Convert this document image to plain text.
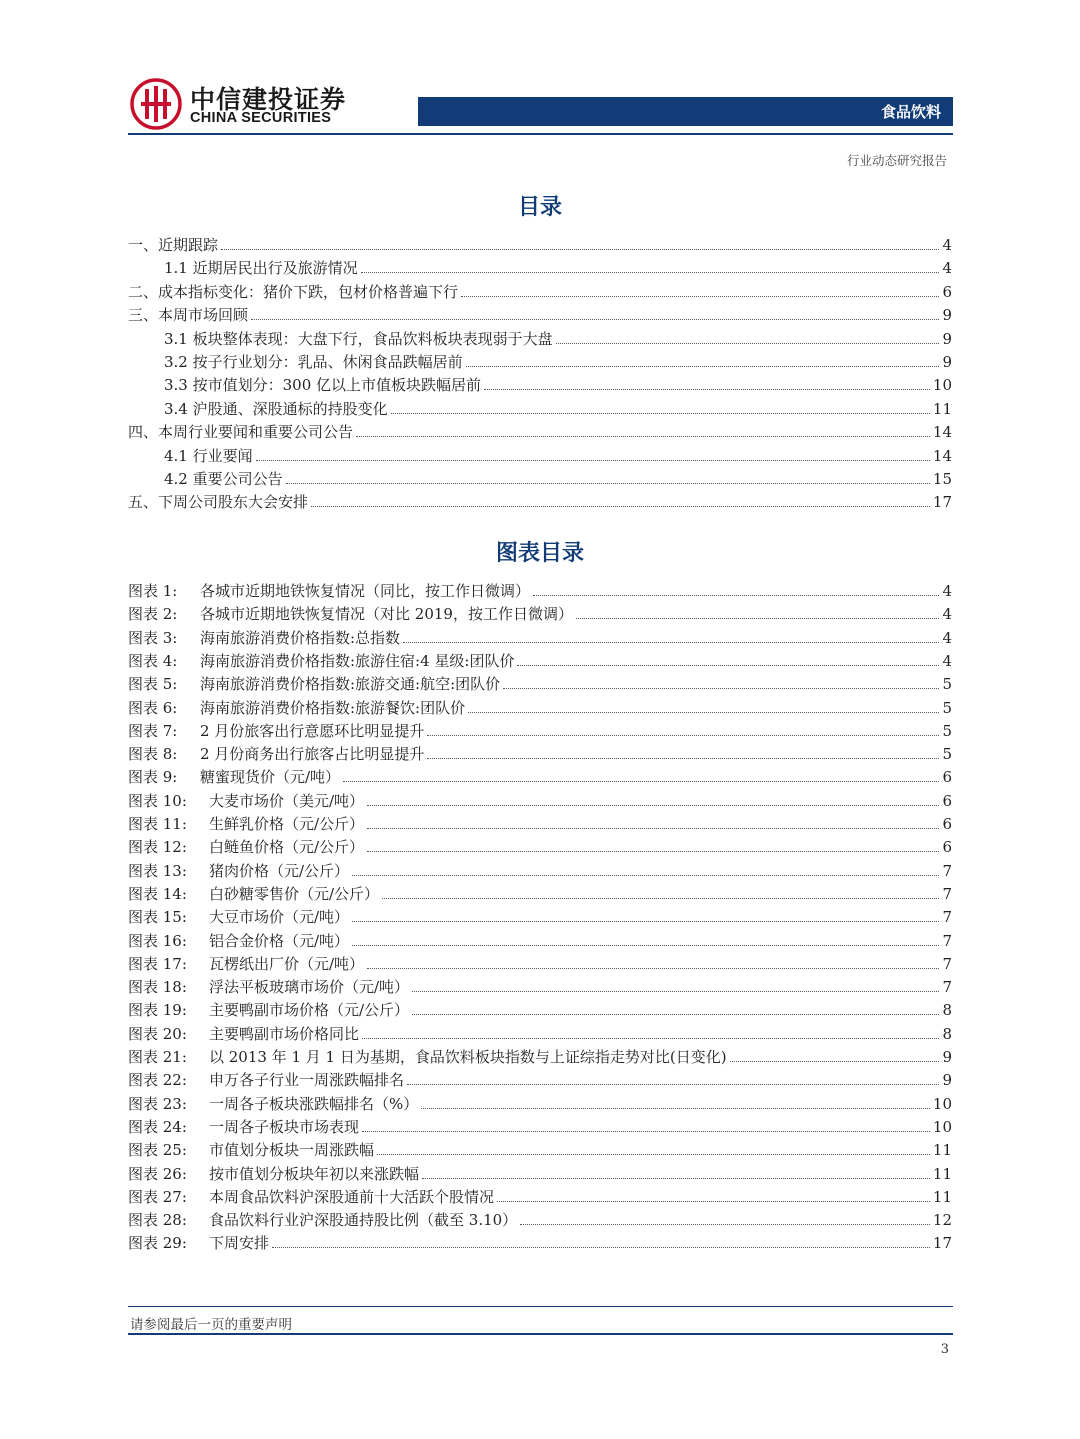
中信建投证券
CHINA SECURITIES	食品饮料
行业动态研究报告
目录
一、近期跟踪	4
1.1 近期居民出行及旅游情况	4
二、成本指标变化：猪价下跌，包材价格普遍下行	6
三、本周市场回顾	9
3.1 板块整体表现：大盘下行，食品饮料板块表现弱于大盘	9
3.2 按子行业划分：乳品、休闲食品跌幅居前	9
3.3 按市值划分：300 亿以上市值板块跌幅居前	10
3.4 沪股通、深股通标的持股变化	11
四、本周行业要闻和重要公司公告	14
4.1 行业要闻	14
4.2 重要公司公告	15
五、下周公司股东大会安排	17
图表目录
图表 1: 各城市近期地铁恢复情况（同比，按工作日微调）	4
图表 2: 各城市近期地铁恢复情况（对比 2019，按工作日微调）	4
图表 3: 海南旅游消费价格指数:总指数	4
图表 4: 海南旅游消费价格指数:旅游住宿:4 星级:团队价	4
图表 5: 海南旅游消费价格指数:旅游交通:航空:团队价	5
图表 6: 海南旅游消费价格指数:旅游餐饮:团队价	5
图表 7: 2 月份旅客出行意愿环比明显提升	5
图表 8: 2 月份商务出行旅客占比明显提升	5
图表 9: 糖蜜现货价（元/吨）	6
图表 10: 大麦市场价（美元/吨）	6
图表 11: 生鲜乳价格（元/公斤）	6
图表 12: 白鲢鱼价格（元/公斤）	6
图表 13: 猪肉价格（元/公斤）	7
图表 14: 白砂糖零售价（元/公斤）	7
图表 15: 大豆市场价（元/吨）	7
图表 16: 铝合金价格（元/吨）	7
图表 17: 瓦楞纸出厂价（元/吨）	7
图表 18: 浮法平板玻璃市场价（元/吨）	7
图表 19: 主要鸭副市场价格（元/公斤）	8
图表 20: 主要鸭副市场价格同比	8
图表 21: 以 2013 年 1 月 1 日为基期，食品饮料板块指数与上证综指走势对比(日变化)	9
图表 22: 申万各子行业一周涨跌幅排名	9
图表 23: 一周各子板块涨跌幅排名（%）	10
图表 24: 一周各子板块市场表现	10
图表 25: 市值划分板块一周涨跌幅	11
图表 26: 按市值划分板块年初以来涨跌幅	11
图表 27: 本周食品饮料沪深股通前十大活跃个股情况	11
图表 28: 食品饮料行业沪深股通持股比例（截至 3.10）	12
图表 29: 下周安排	17
请参阅最后一页的重要声明
3
